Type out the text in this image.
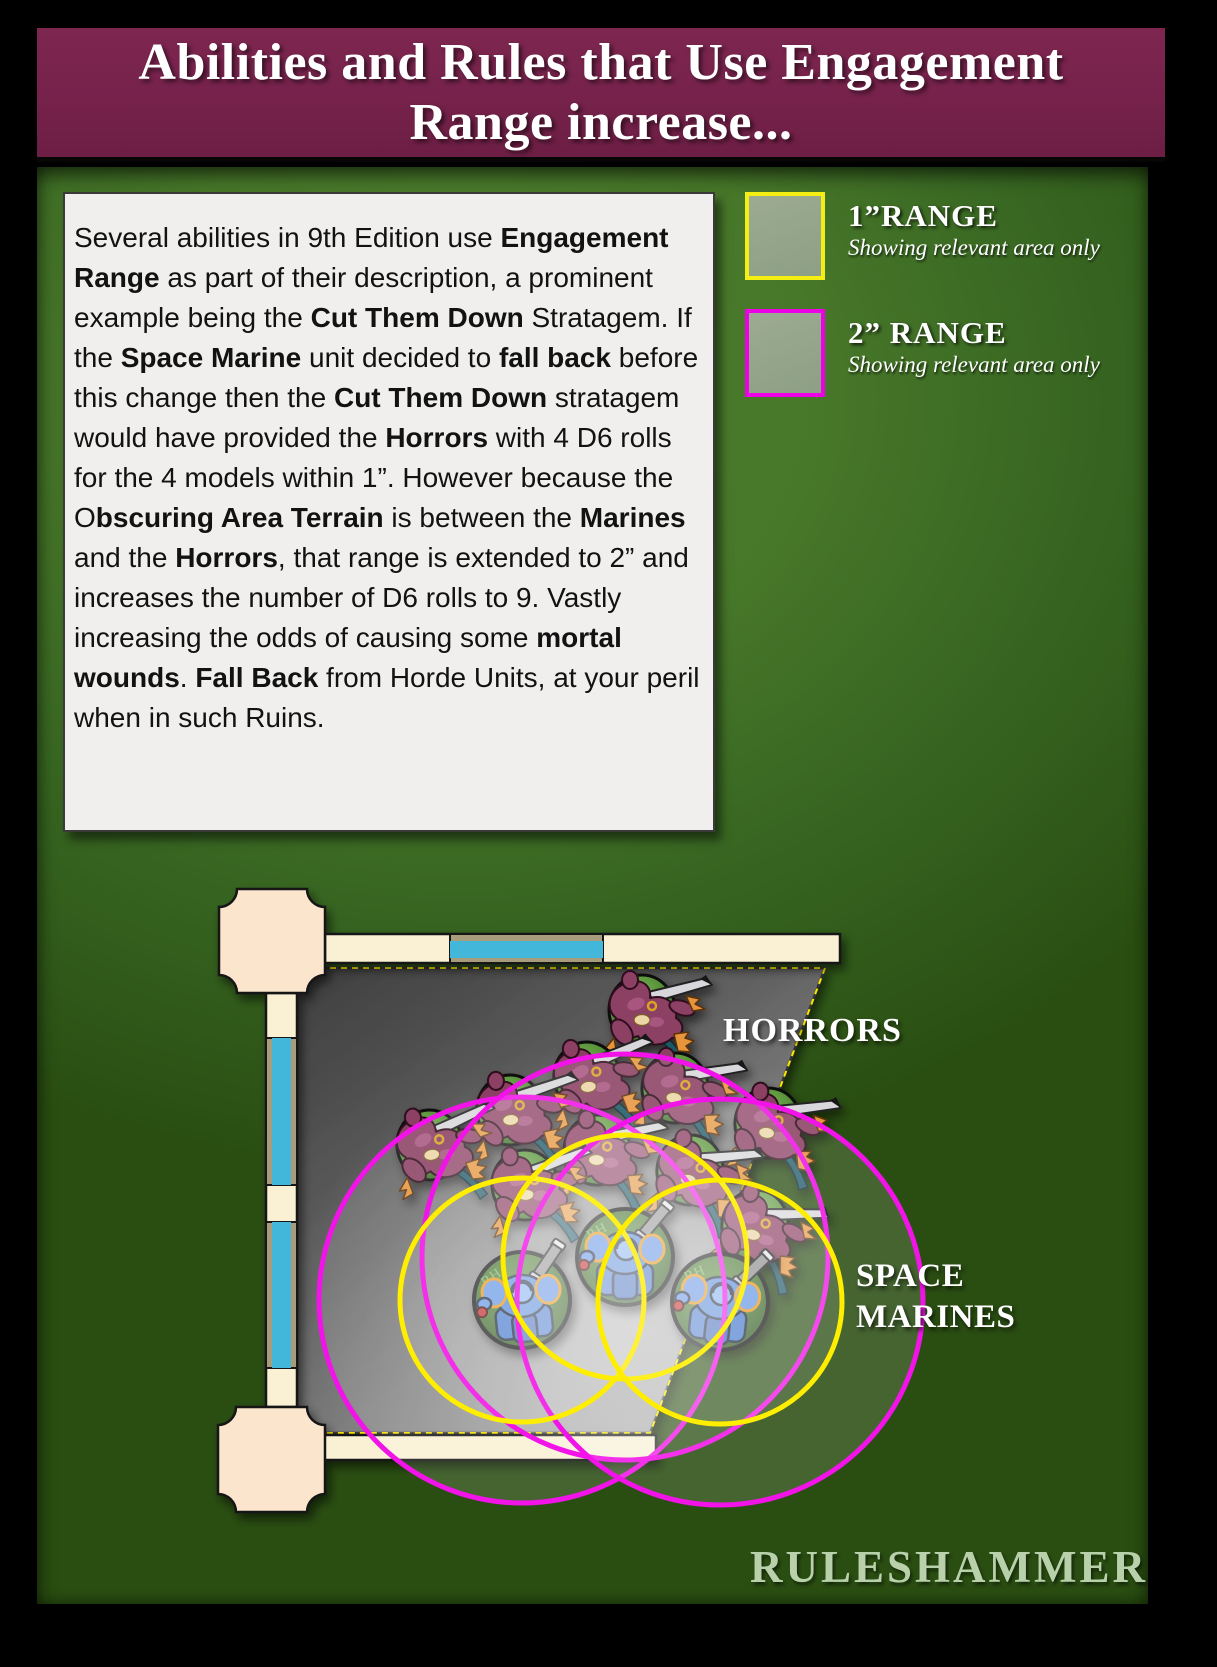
Abilities and Rules that Use Engagement
Range increase...

Several abilities in 9th Edition use Engagement Range as part of their description, a prominent example being the Cut Them Down Stratagem. If the Space Marine unit decided to fall back before this change then the Cut Them Down stratagem would have provided the Horrors with 4 D6 rolls for the 4 models within 1”. However because the Obscuring Area Terrain is between the Marines and the Horrors, that range is extended to 2” and increases the number of D6 rolls to 9. Vastly increasing the odds of causing some mortal wounds. Fall Back from Horde Units, at your peril when in such Ruins.

1”RANGE
Showing relevant area only
2” RANGE
Showing relevant area only
HORRORS
SPACE
MARINES
RULESHAMMER
